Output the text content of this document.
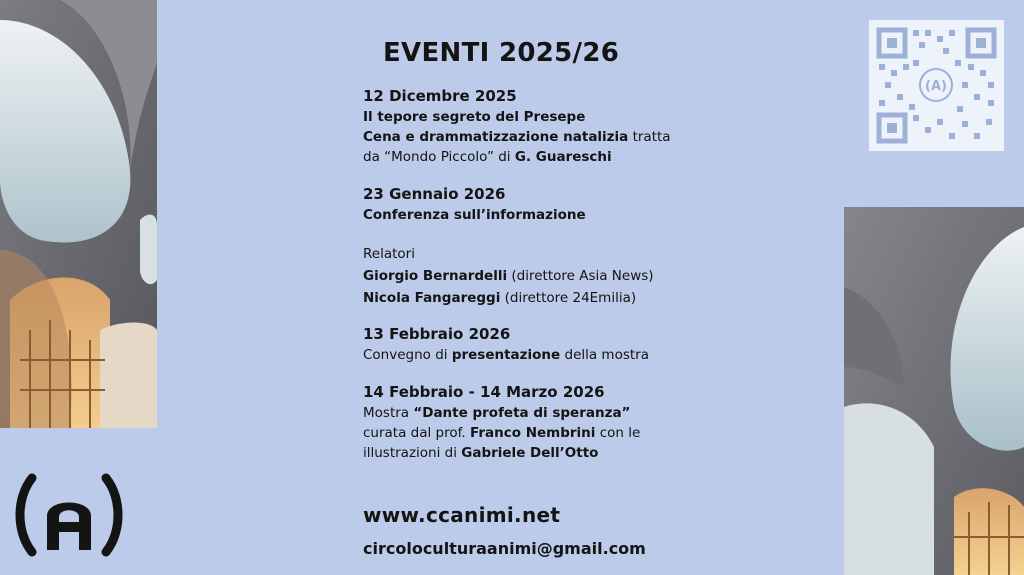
(A)
EVENTI 2025/26
12 Dicembre 2025
Il tepore segreto del Presepe
Cena e drammatizzazione natalizia tratta
da “Mondo Piccolo” di G. Guareschi
23 Gennaio 2026
Conferenza sull’informazione
Relatori
Giorgio Bernardelli (direttore Asia News)
Nicola Fangareggi (direttore 24Emilia)
13 Febbraio 2026
Convegno di presentazione della mostra
14 Febbraio - 14 Marzo 2026
Mostra “Dante profeta di speranza”
curata dal prof. Franco Nembrini con le
illustrazioni di Gabriele Dell’Otto
www.ccanimi.net
circoloculturaanimi@gmail.com
